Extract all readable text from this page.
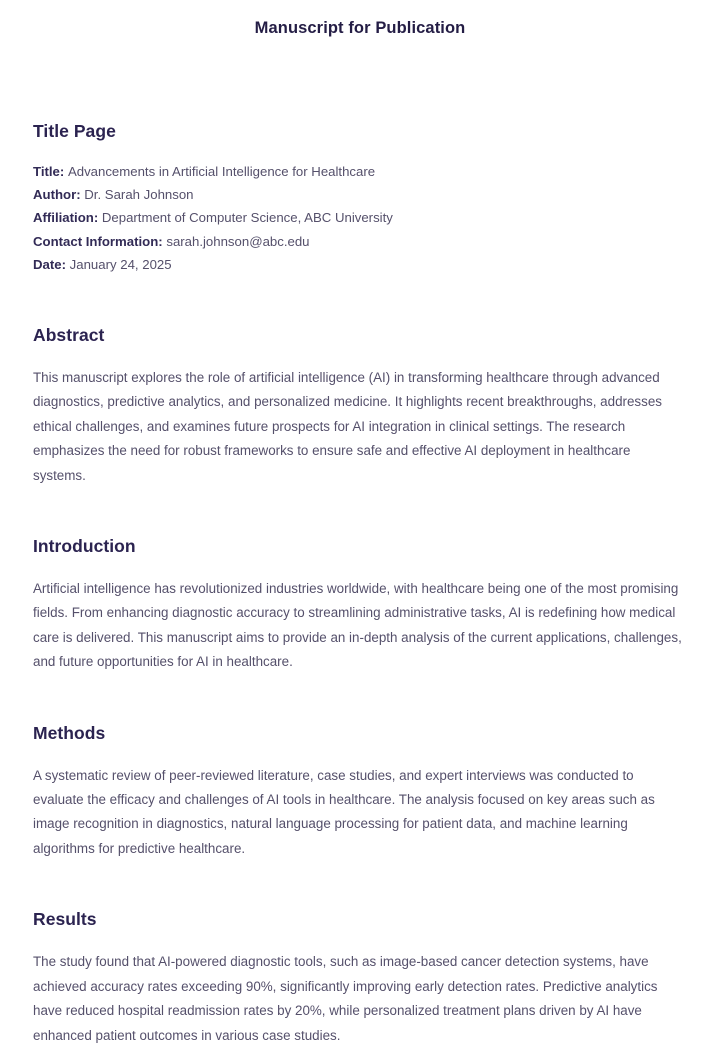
Manuscript for Publication
Title Page
Title: Advancements in Artificial Intelligence for Healthcare
Author: Dr. Sarah Johnson
Affiliation: Department of Computer Science, ABC University
Contact Information: sarah.johnson@abc.edu
Date: January 24, 2025
Abstract

This manuscript explores the role of artificial intelligence (AI) in transforming healthcare through advanced diagnostics, predictive analytics, and personalized medicine. It highlights recent breakthroughs, addresses ethical challenges, and examines future prospects for AI integration in clinical settings. The research emphasizes the need for robust frameworks to ensure safe and effective AI deployment in healthcare systems.

Introduction

Artificial intelligence has revolutionized industries worldwide, with healthcare being one of the most promising fields. From enhancing diagnostic accuracy to streamlining administrative tasks, AI is redefining how medical care is delivered. This manuscript aims to provide an in-depth analysis of the current applications, challenges, and future opportunities for AI in healthcare.

Methods

A systematic review of peer-reviewed literature, case studies, and expert interviews was conducted to evaluate the efficacy and challenges of AI tools in healthcare. The analysis focused on key areas such as image recognition in diagnostics, natural language processing for patient data, and machine learning algorithms for predictive healthcare.

Results

The study found that AI-powered diagnostic tools, such as image-based cancer detection systems, have achieved accuracy rates exceeding 90%, significantly improving early detection rates. Predictive analytics have reduced hospital readmission rates by 20%, while personalized treatment plans driven by AI have enhanced patient outcomes in various case studies.
